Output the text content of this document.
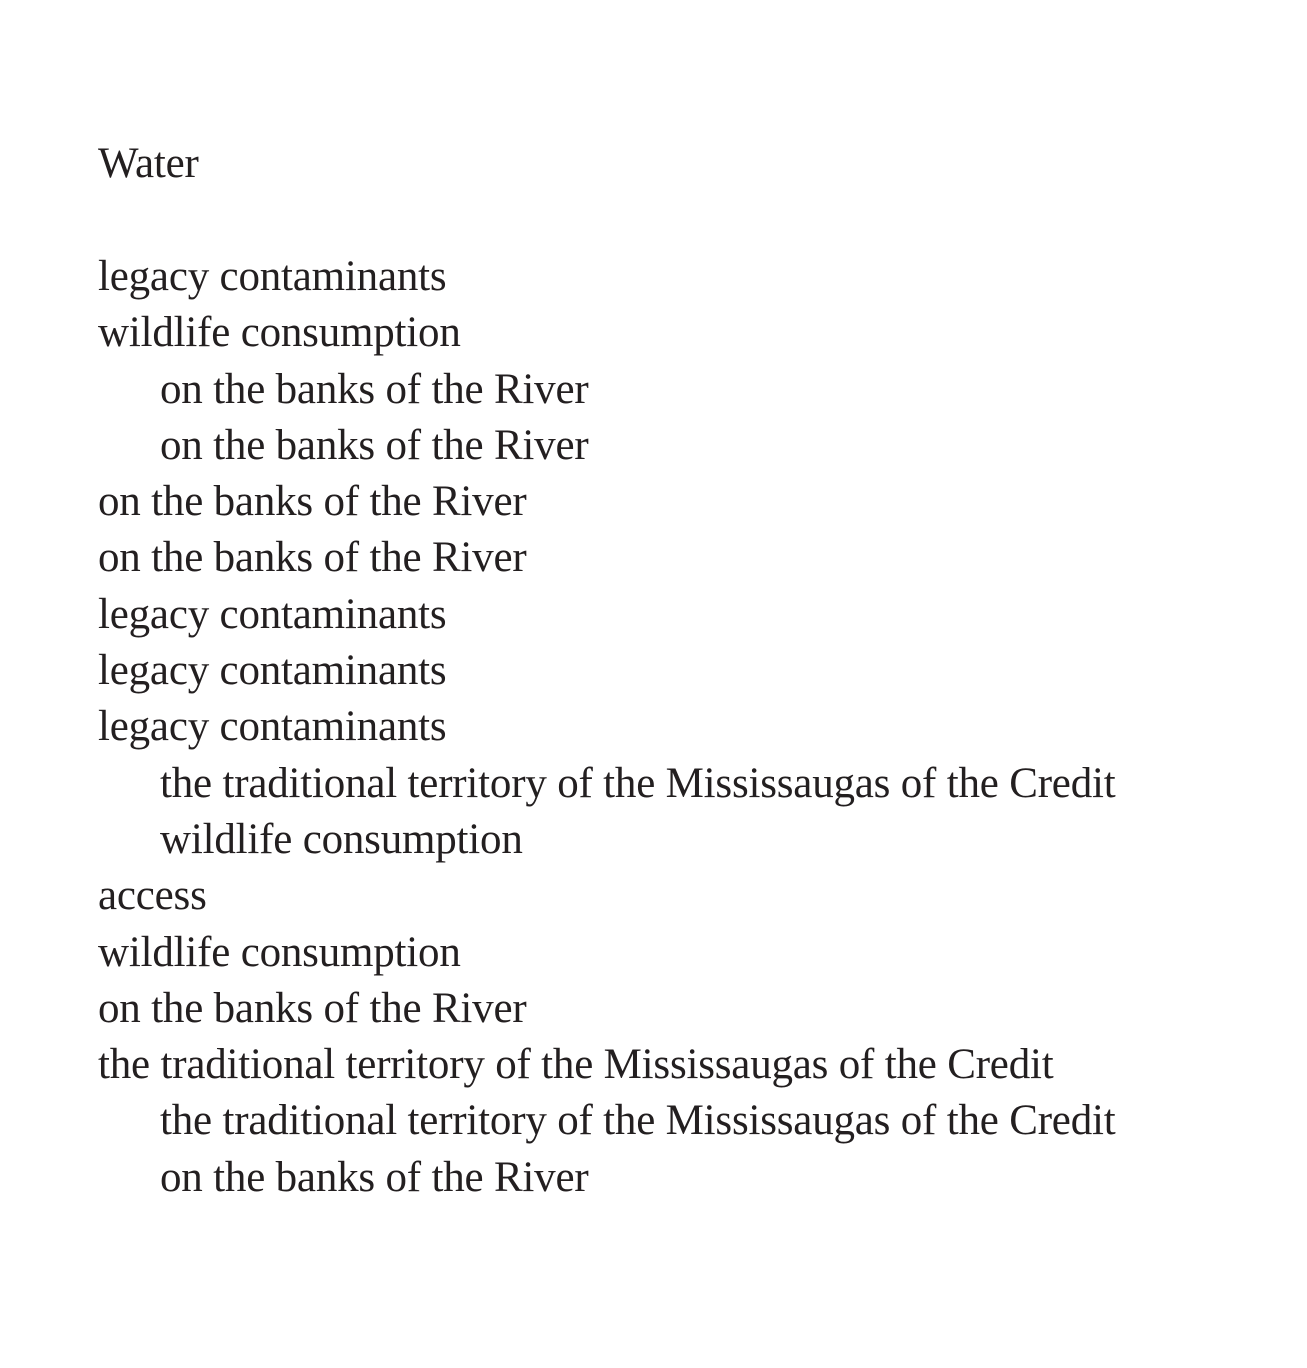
Water
legacy contaminants
wildlife consumption
on the banks of the River
on the banks of the River
on the banks of the River
on the banks of the River
legacy contaminants
legacy contaminants
legacy contaminants
the traditional territory of the Mississaugas of the Credit
wildlife consumption
access
wildlife consumption
on the banks of the River
the traditional territory of the Mississaugas of the Credit
the traditional territory of the Mississaugas of the Credit
on the banks of the River
